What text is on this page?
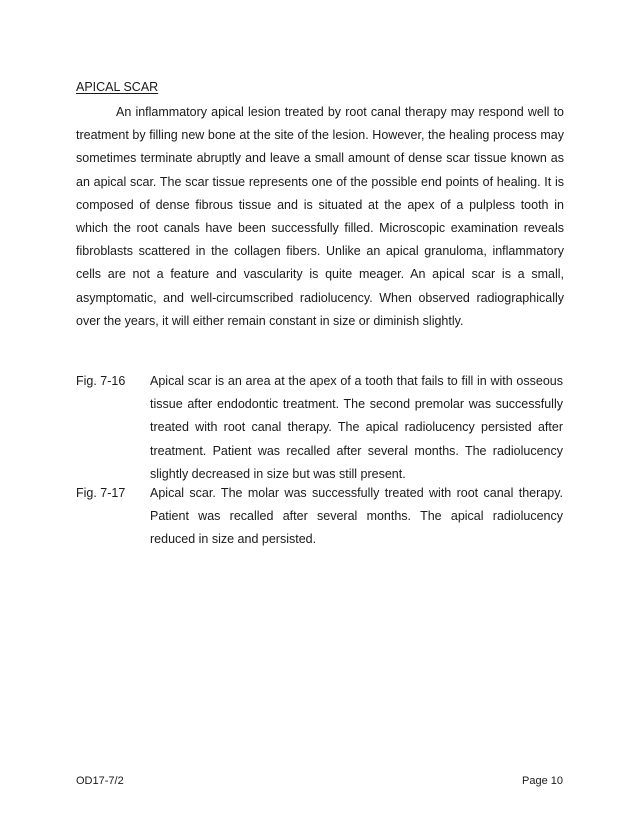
APICAL SCAR

An inflammatory apical lesion treated by root canal therapy may respond well to treatment by filling new bone at the site of the lesion. However, the healing process may sometimes terminate abruptly and leave a small amount of dense scar tissue known as an apical scar. The scar tissue represents one of the possible end points of healing. It is composed of dense fibrous tissue and is situated at the apex of a pulpless tooth in which the root canals have been successfully filled. Microscopic examination reveals fibroblasts scattered in the collagen fibers. Unlike an apical granuloma, inflammatory cells are not a feature and vascularity is quite meager. An apical scar is a small, asymptomatic, and well-circumscribed radiolucency. When observed radiographically over the years, it will either remain constant in size or diminish slightly.

Fig. 7-16 Apical scar is an area at the apex of a tooth that fails to fill in with osseous tissue after endodontic treatment. The second premolar was successfully treated with root canal therapy. The apical radiolucency persisted after treatment. Patient was recalled after several months. The radiolucency slightly decreased in size but was still present.

Fig. 7-17 Apical scar. The molar was successfully treated with root canal therapy. Patient was recalled after several months. The apical radiolucency reduced in size and persisted.

OD17-7/2	Page 10
